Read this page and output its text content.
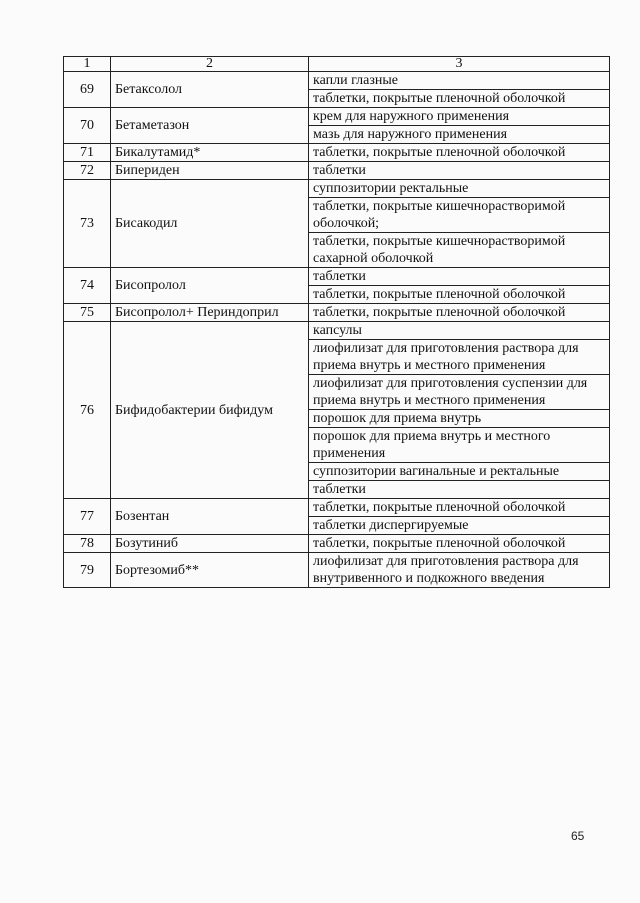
1	2	3
69	Бетаксолол	капли глазные
		таблетки, покрытые пленочной оболочкой
70	Бетаметазон	крем для наружного применения
		мазь для наружного применения
71	Бикалутамид*	таблетки, покрытые пленочной оболочкой
72	Бипериден	таблетки
73	Бисакодил	суппозитории ректальные
		таблетки, покрытые кишечнорастворимой оболочкой;
		таблетки, покрытые кишечнорастворимой сахарной оболочкой
74	Бисопролол	таблетки
		таблетки, покрытые пленочной оболочкой
75	Бисопролол+ Периндоприл	таблетки, покрытые пленочной оболочкой
76	Бифидобактерии бифидум	капсулы
		лиофилизат для приготовления раствора для приема внутрь и местного применения
		лиофилизат для приготовления суспензии для приема внутрь и местного применения
		порошок для приема внутрь
		порошок для приема внутрь и местного применения
		суппозитории вагинальные и ректальные
		таблетки
77	Бозентан	таблетки, покрытые пленочной оболочкой
		таблетки диспергируемые
78	Бозутиниб	таблетки, покрытые пленочной оболочкой
79	Бортезомиб**	лиофилизат для приготовления раствора для внутривенного и подкожного введения
65
